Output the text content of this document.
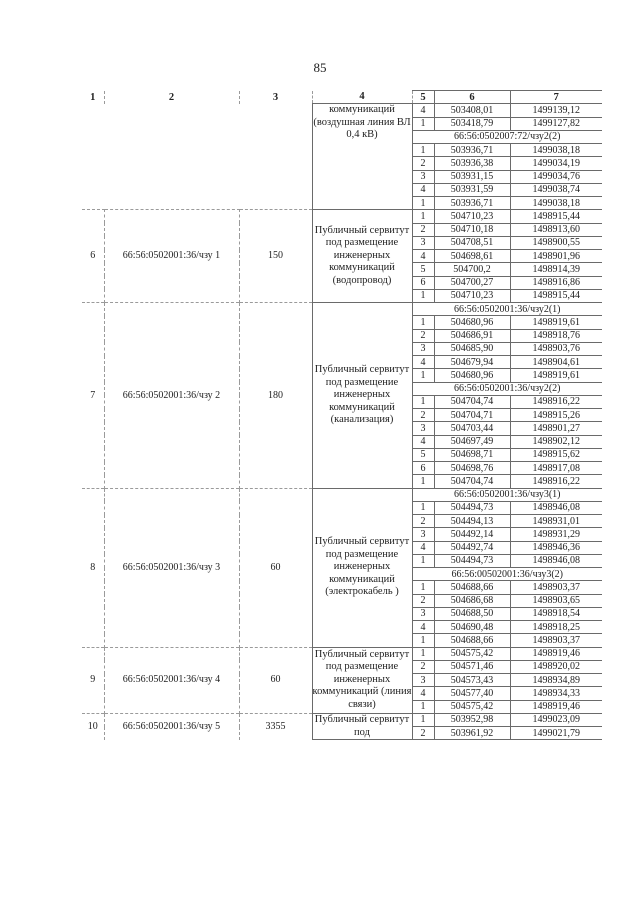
85
1	2	3	4	5	6	7
			коммуникаций (воздушная линия ВЛ 0,4 кВ)	4	503408,01	1499139,12
				1	503418,79	1499127,82
				66:56:0502007:72/чзу2(2)		
				1	503936,71	1499038,18
				2	503936,38	1499034,19
				3	503931,15	1499034,76
				4	503931,59	1499038,74
				1	503936,71	1499038,18
6	66:56:0502001:36/чзу 1	150	Публичный сервитут под размещение инженерных коммуникаций (водопровод)	1	504710,23	1498915,44
				2	504710,18	1498913,60
				3	504708,51	1498900,55
				4	504698,61	1498901,96
				5	504700,2	1498914,39
				6	504700,27	1498916,86
				1	504710,23	1498915,44
7	66:56:0502001:36/чзу 2	180	Публичный сервитут под размещение инженерных коммуникаций (канализация)	66:56:0502001:36/чзу2(1)		
				1	504680,96	1498919,61
				2	504686,91	1498918,76
				3	504685,90	1498903,76
				4	504679,94	1498904,61
				1	504680,96	1498919,61
				66:56:0502001:36/чзу2(2)		
				1	504704,74	1498916,22
				2	504704,71	1498915,26
				3	504703,44	1498901,27
				4	504697,49	1498902,12
				5	504698,71	1498915,62
				6	504698,76	1498917,08
				1	504704,74	1498916,22
8	66:56:0502001:36/чзу 3	60	Публичный сервитут под размещение инженерных коммуникаций (электрокабель )	66:56:0502001:36/чзу3(1)		
				1	504494,73	1498946,08
				2	504494,13	1498931,01
				3	504492,14	1498931,29
				4	504492,74	1498946,36
				1	504494,73	1498946,08
				66:56:00502001:36/чзу3(2)		
				1	504688,66	1498903,37
				2	504686,68	1498903,65
				3	504688,50	1498918,54
				4	504690,48	1498918,25
				1	504688,66	1498903,37
9	66:56:0502001:36/чзу 4	60	Публичный сервитут под размещение инженерных коммуникаций (линия связи)	1	504575,42	1498919,46
				2	504571,46	1498920,02
				3	504573,43	1498934,89
				4	504577,40	1498934,33
				1	504575,42	1498919,46
10	66:56:0502001:36/чзу 5	3355	Публичный сервитут под	1	503952,98	1499023,09
				2	503961,92	1499021,79
